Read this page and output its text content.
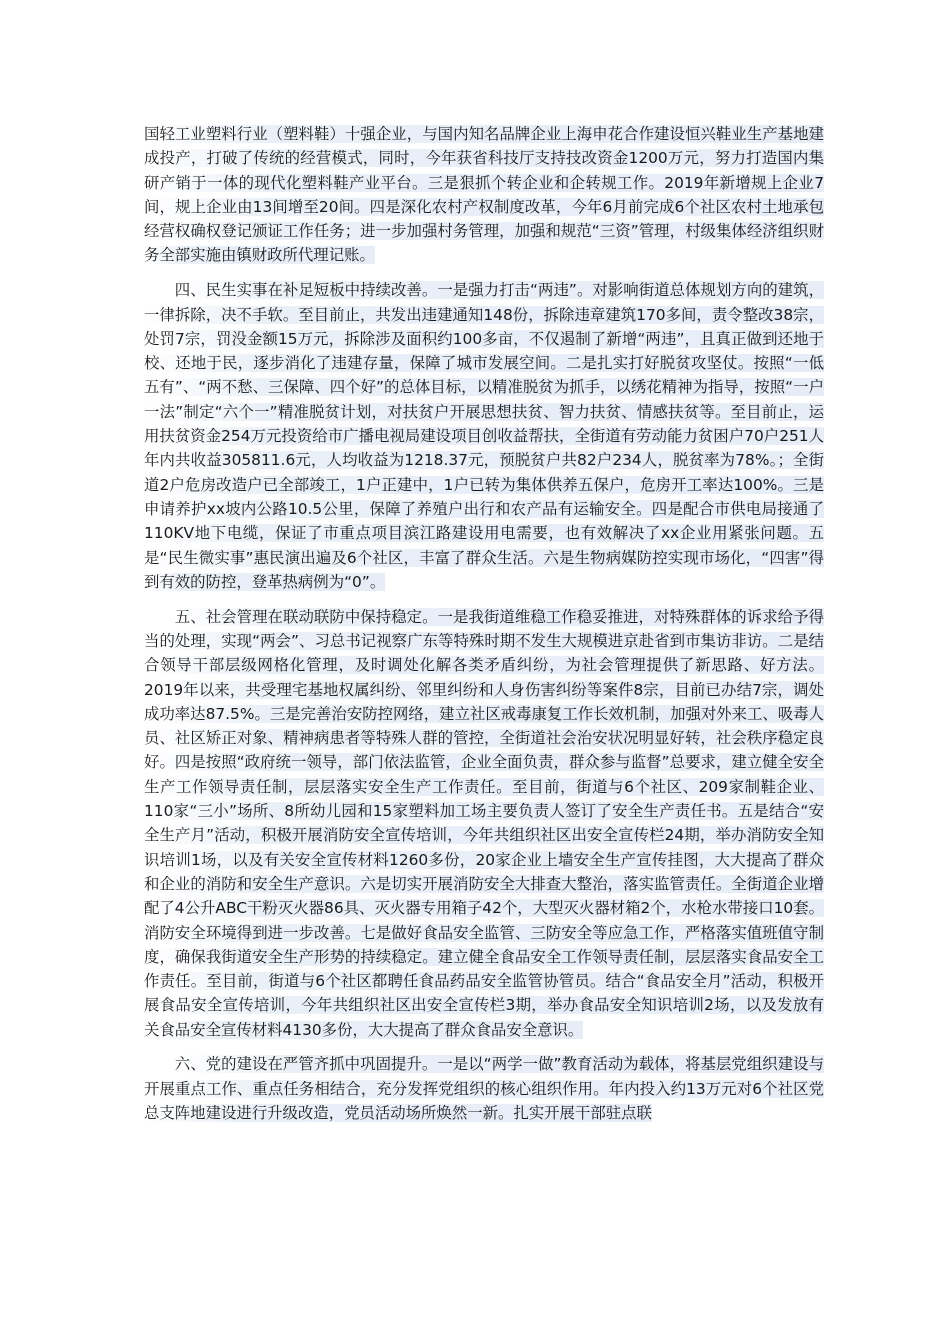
国轻工业塑料行业（塑料鞋）十强企业，与国内知名品牌企业上海申花合作建设恒兴鞋业生产基地建成投产，打破了传统的经营模式，同时，今年获省科技厅支持技改资金1200万元，努力打造国内集研产销于一体的现代化塑料鞋产业平台。三是狠抓个转企业和企转规工作。2019年新增规上企业7间，规上企业由13间增至20间。四是深化农村产权制度改革，今年6月前完成6个社区农村土地承包经营权确权登记颁证工作任务；进一步加强村务管理，加强和规范“三资”管理，村级集体经济组织财务全部实施由镇财政所代理记账。

四、民生实事在补足短板中持续改善。一是强力打击“两违”。对影响街道总体规划方向的建筑，一律拆除，决不手软。至目前止，共发出违建通知148份，拆除违章建筑170多间，责令整改38宗，处罚7宗，罚没金额15万元，拆除涉及面积约100多亩，不仅遏制了新增“两违”，且真正做到还地于校、还地于民，逐步消化了违建存量，保障了城市发展空间。二是扎实打好脱贫攻坚仗。按照“一低五有”、“两不愁、三保障、四个好”的总体目标，以精准脱贫为抓手，以绣花精神为指导，按照“一户一法”制定“六个一”精准脱贫计划，对扶贫户开展思想扶贫、智力扶贫、情感扶贫等。至目前止，运用扶贫资金254万元投资给市广播电视局建设项目创收益帮扶，全街道有劳动能力贫困户70户251人年内共收益305811.6元，人均收益为1218.37元，预脱贫户共82户234人，脱贫率为78%。；全街道2户危房改造户已全部竣工，1户正建中，1户已转为集体供养五保户，危房开工率达100%。三是申请养护xx坡内公路10.5公里，保障了养殖户出行和农产品有运输安全。四是配合市供电局接通了110KV地下电缆，保证了市重点项目滨江路建设用电需要，也有效解决了xx企业用紧张问题。五是“民生微实事”惠民演出遍及6个社区，丰富了群众生活。六是生物病媒防控实现市场化，“四害”得到有效的防控，登革热病例为“0”。

五、社会管理在联动联防中保持稳定。一是我街道维稳工作稳妥推进，对特殊群体的诉求给予得当的处理，实现“两会”、习总书记视察广东等特殊时期不发生大规模进京赴省到市集访非访。二是结合领导干部层级网格化管理，及时调处化解各类矛盾纠纷，为社会管理提供了新思路、好方法。2019年以来，共受理宅基地权属纠纷、邻里纠纷和人身伤害纠纷等案件8宗，目前已办结7宗，调处成功率达87.5%。三是完善治安防控网络，建立社区戒毒康复工作长效机制，加强对外来工、吸毒人员、社区矫正对象、精神病患者等特殊人群的管控，全街道社会治安状况明显好转，社会秩序稳定良好。四是按照“政府统一领导，部门依法监管，企业全面负责，群众参与监督”总要求，建立健全安全生产工作领导责任制，层层落实安全生产工作责任。至目前，街道与6个社区、209家制鞋企业、110家“三小”场所、8所幼儿园和15家塑料加工场主要负责人签订了安全生产责任书。五是结合“安全生产月”活动，积极开展消防安全宣传培训，今年共组织社区出安全宣传栏24期，举办消防安全知识培训1场，以及有关安全宣传材料1260多份，20家企业上墙安全生产宣传挂图，大大提高了群众和企业的消防和安全生产意识。六是切实开展消防安全大排查大整治，落实监管责任。全街道企业增配了4公升ABC干粉灭火器86具、灭火器专用箱子42个，大型灭火器材箱2个，水枪水带接口10套。消防安全环境得到进一步改善。七是做好食品安全监管、三防安全等应急工作，严格落实值班值守制度，确保我街道安全生产形势的持续稳定。建立健全食品安全工作领导责任制，层层落实食品安全工作责任。至目前，街道与6个社区都聘任食品药品安全监管协管员。结合“食品安全月”活动，积极开展食品安全宣传培训，今年共组织社区出安全宣传栏3期，举办食品安全知识培训2场，以及发放有关食品安全宣传材料4130多份，大大提高了群众食品安全意识。

六、党的建设在严管齐抓中巩固提升。一是以“两学一做”教育活动为载体，将基层党组织建设与开展重点工作、重点任务相结合，充分发挥党组织的核心组织作用。年内投入约13万元对6个社区党总支阵地建设进行升级改造，党员活动场所焕然一新。扎实开展干部驻点联
